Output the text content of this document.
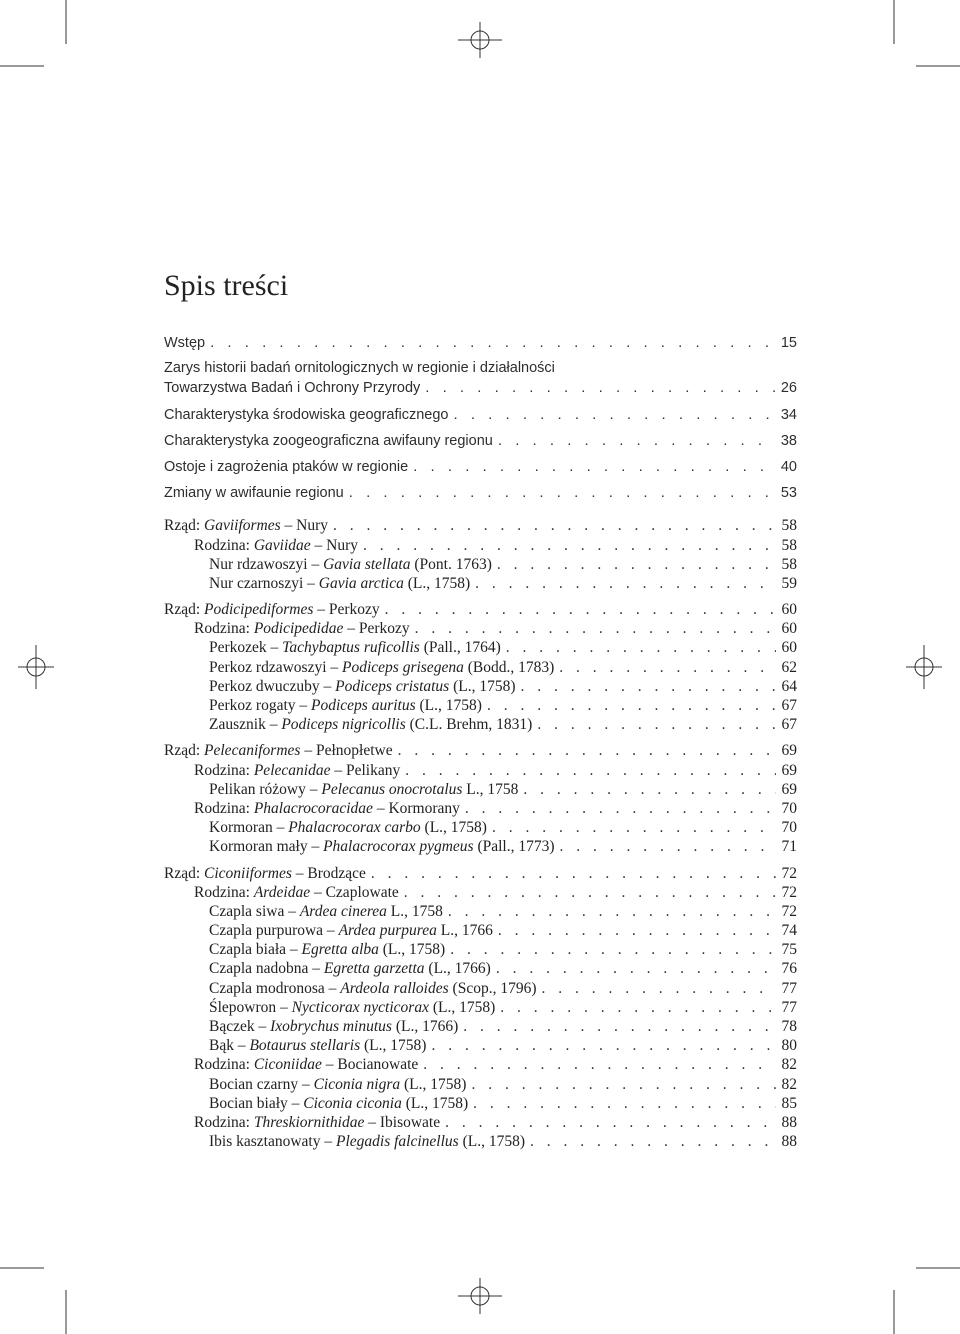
Spis treści
Wstęp . . .	15
Zarys historii badań ornitologicznych w regionie i działalności
Towarzystwa Badań i Ochrony Przyrody . . .	26
Charakterystyka środowiska geograficznego . . .	34
Charakterystyka zoogeograficzna awifauny regionu . . .	38
Ostoje i zagrożenia ptaków w regionie . . .	40
Zmiany w awifaunie regionu . . .	53
Rząd: Gaviiformes – Nury . . .	58
Rodzina: Gaviidae – Nury . . .	58
Nur rdzawoszyi – Gavia stellata (Pont. 1763) . . .	58
Nur czarnoszyi – Gavia arctica (L., 1758) . . .	59
Rząd: Podicipediformes – Perkozy . . .	60
Rodzina: Podicipedidae – Perkozy . . .	60
Perkozek – Tachybaptus ruficollis (Pall., 1764) . . .	60
Perkoz rdzawoszyi – Podiceps grisegena (Bodd., 1783) . . .	62
Perkoz dwuczuby – Podiceps cristatus (L., 1758) . . .	64
Perkoz rogaty – Podiceps auritus (L., 1758) . . .	67
Zausznik – Podiceps nigricollis (C.L. Brehm, 1831) . . .	67
Rząd: Pelecaniformes – Pełnopłetwe . . .	69
Rodzina: Pelecanidae – Pelikany . . .	69
Pelikan różowy – Pelecanus onocrotalus L., 1758 . . .	69
Rodzina: Phalacrocoracidae – Kormorany . . .	70
Kormoran – Phalacrocorax carbo (L., 1758) . . .	70
Kormoran mały – Phalacrocorax pygmeus (Pall., 1773) . . .	71
Rząd: Ciconiiformes – Brodzące . . .	72
Rodzina: Ardeidae – Czaplowate . . .	72
Czapla siwa – Ardea cinerea L., 1758 . . .	72
Czapla purpurowa – Ardea purpurea L., 1766 . . .	74
Czapla biała – Egretta alba (L., 1758) . . .	75
Czapla nadobna – Egretta garzetta (L., 1766) . . .	76
Czapla modronosa – Ardeola ralloides (Scop., 1796) . . .	77
Ślepowron – Nycticorax nycticorax (L., 1758) . . .	77
Bączek – Ixobrychus minutus (L., 1766) . . .	78
Bąk – Botaurus stellaris (L., 1758) . . .	80
Rodzina: Ciconiidae – Bocianowate . . .	82
Bocian czarny – Ciconia nigra (L., 1758) . . .	82
Bocian biały – Ciconia ciconia (L., 1758) . . .	85
Rodzina: Threskiornithidae – Ibisowate . . .	88
Ibis kasztanowaty – Plegadis falcinellus (L., 1758) . . .	88
